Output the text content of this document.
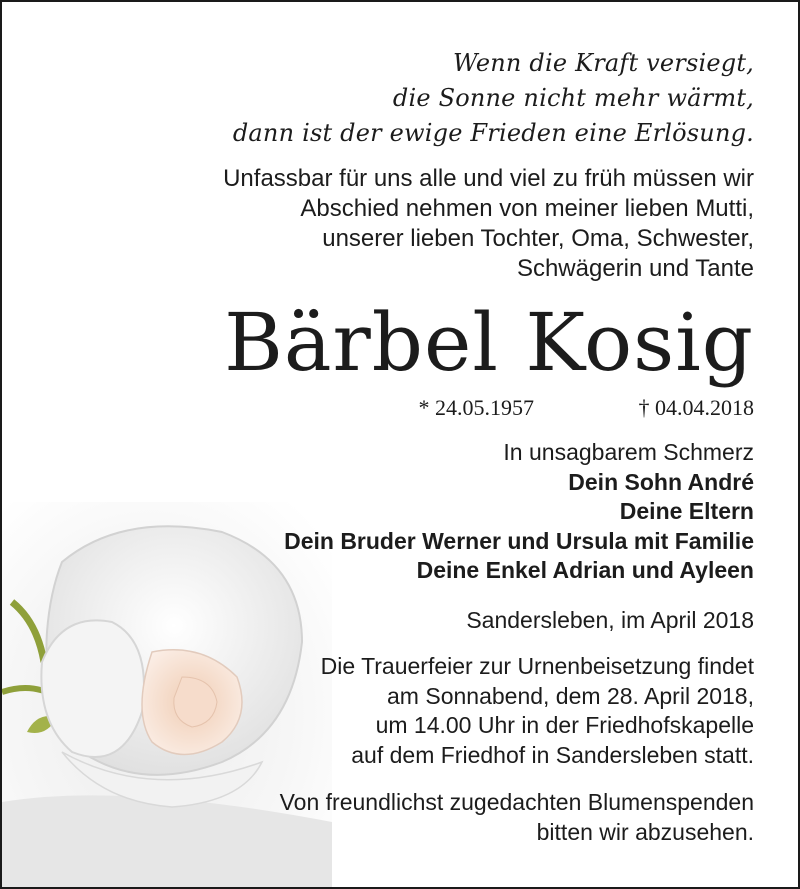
Wenn die Kraft versiegt,
die Sonne nicht mehr wärmt,
dann ist der ewige Frieden eine Erlösung.
Unfassbar für uns alle und viel zu früh müssen wir
Abschied nehmen von meiner lieben Mutti,
unserer lieben Tochter, Oma, Schwester,
Schwägerin und Tante
Bärbel Kosig
* 24.05.1957	† 04.04.2018
In unsagbarem Schmerz
Dein Sohn André
Deine Eltern
Dein Bruder Werner und Ursula mit Familie
Deine Enkel Adrian und Ayleen
Sandersleben, im April 2018
Die Trauerfeier zur Urnenbeisetzung findet
am Sonnabend, dem 28. April 2018,
um 14.00 Uhr in der Friedhofskapelle
auf dem Friedhof in Sandersleben statt.
Von freundlichst zugedachten Blumenspenden
bitten wir abzusehen.
